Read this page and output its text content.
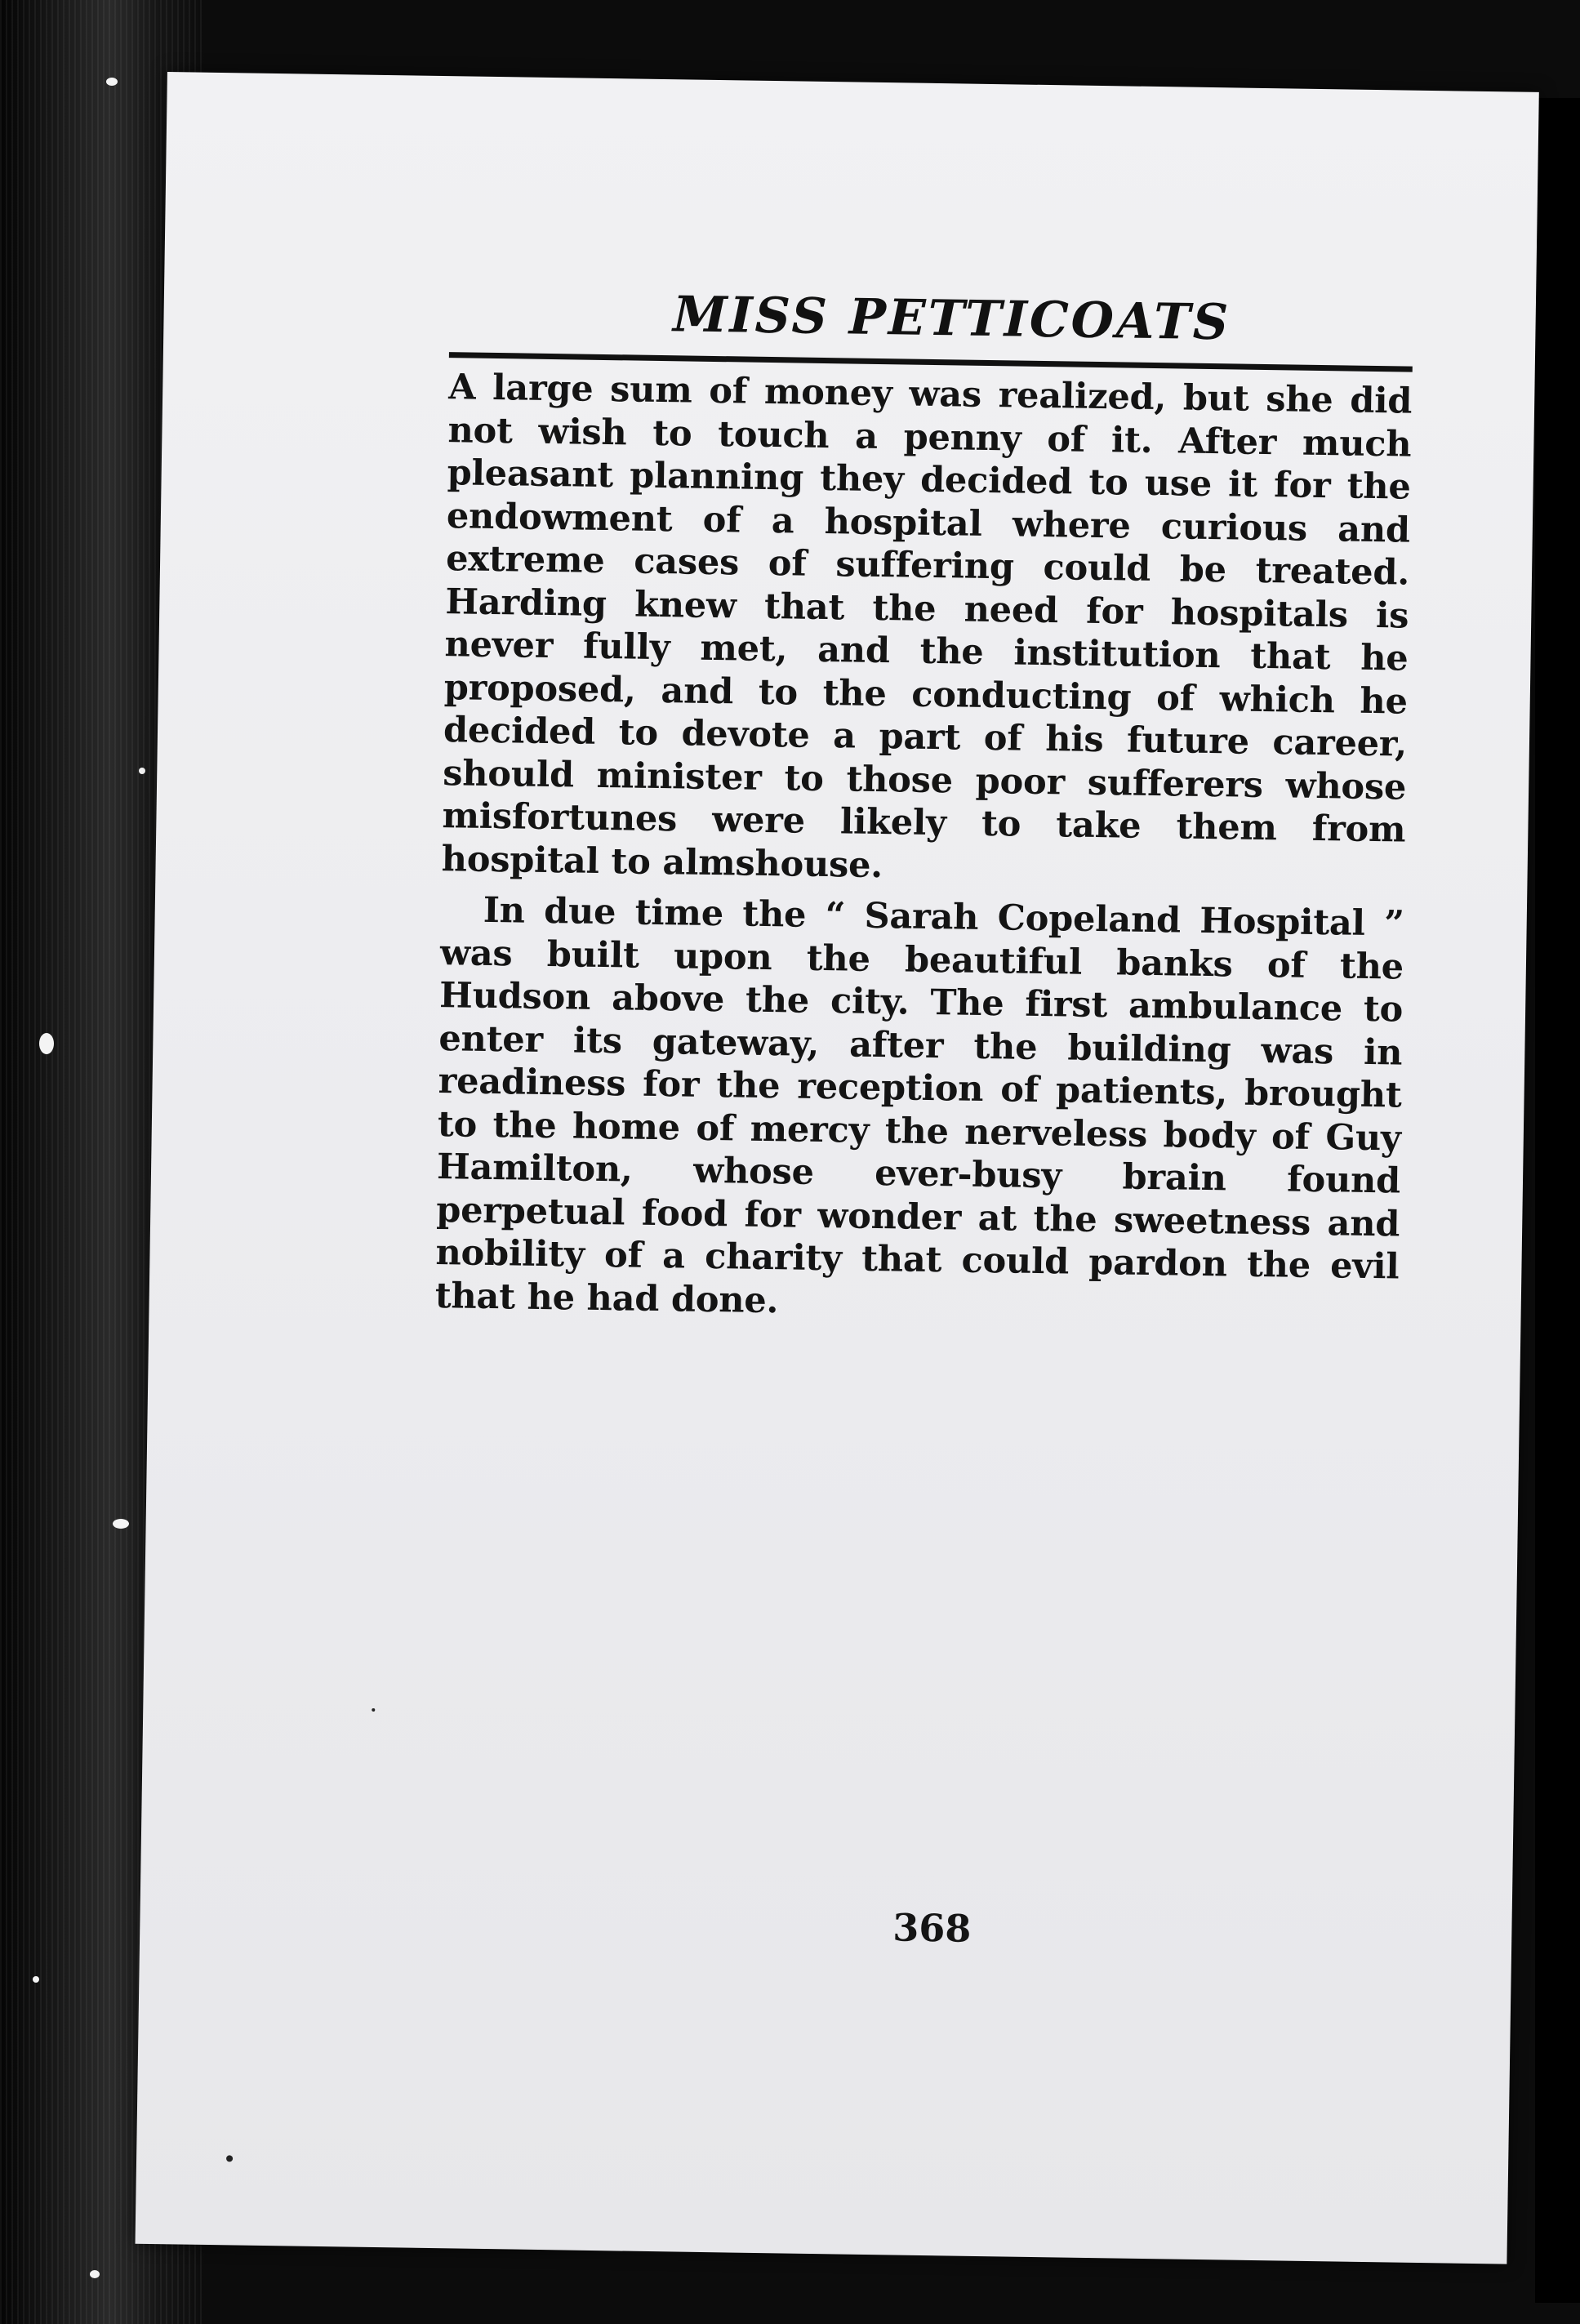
MISS PETTICOATS

A large sum of money was realized, but she did not wish to touch a penny of it. After much pleasant planning they decided to use it for the endowment of a hospital where curious and extreme cases of suffering could be treated. Harding knew that the need for hospitals is never fully met, and the institution that he proposed, and to the conducting of which he decided to devote a part of his future career, should minister to those poor sufferers whose misfortunes were likely to take them from hospital to almshouse.

In due time the “ Sarah Copeland Hospital ” was built upon the beautiful banks of the Hudson above the city. The first ambulance to enter its gateway, after the building was in readiness for the reception of patients, brought to the home of mercy the nerveless body of Guy Hamilton, whose ever-busy brain found perpetual food for wonder at the sweetness and nobility of a charity that could pardon the evil that he had done.

368
